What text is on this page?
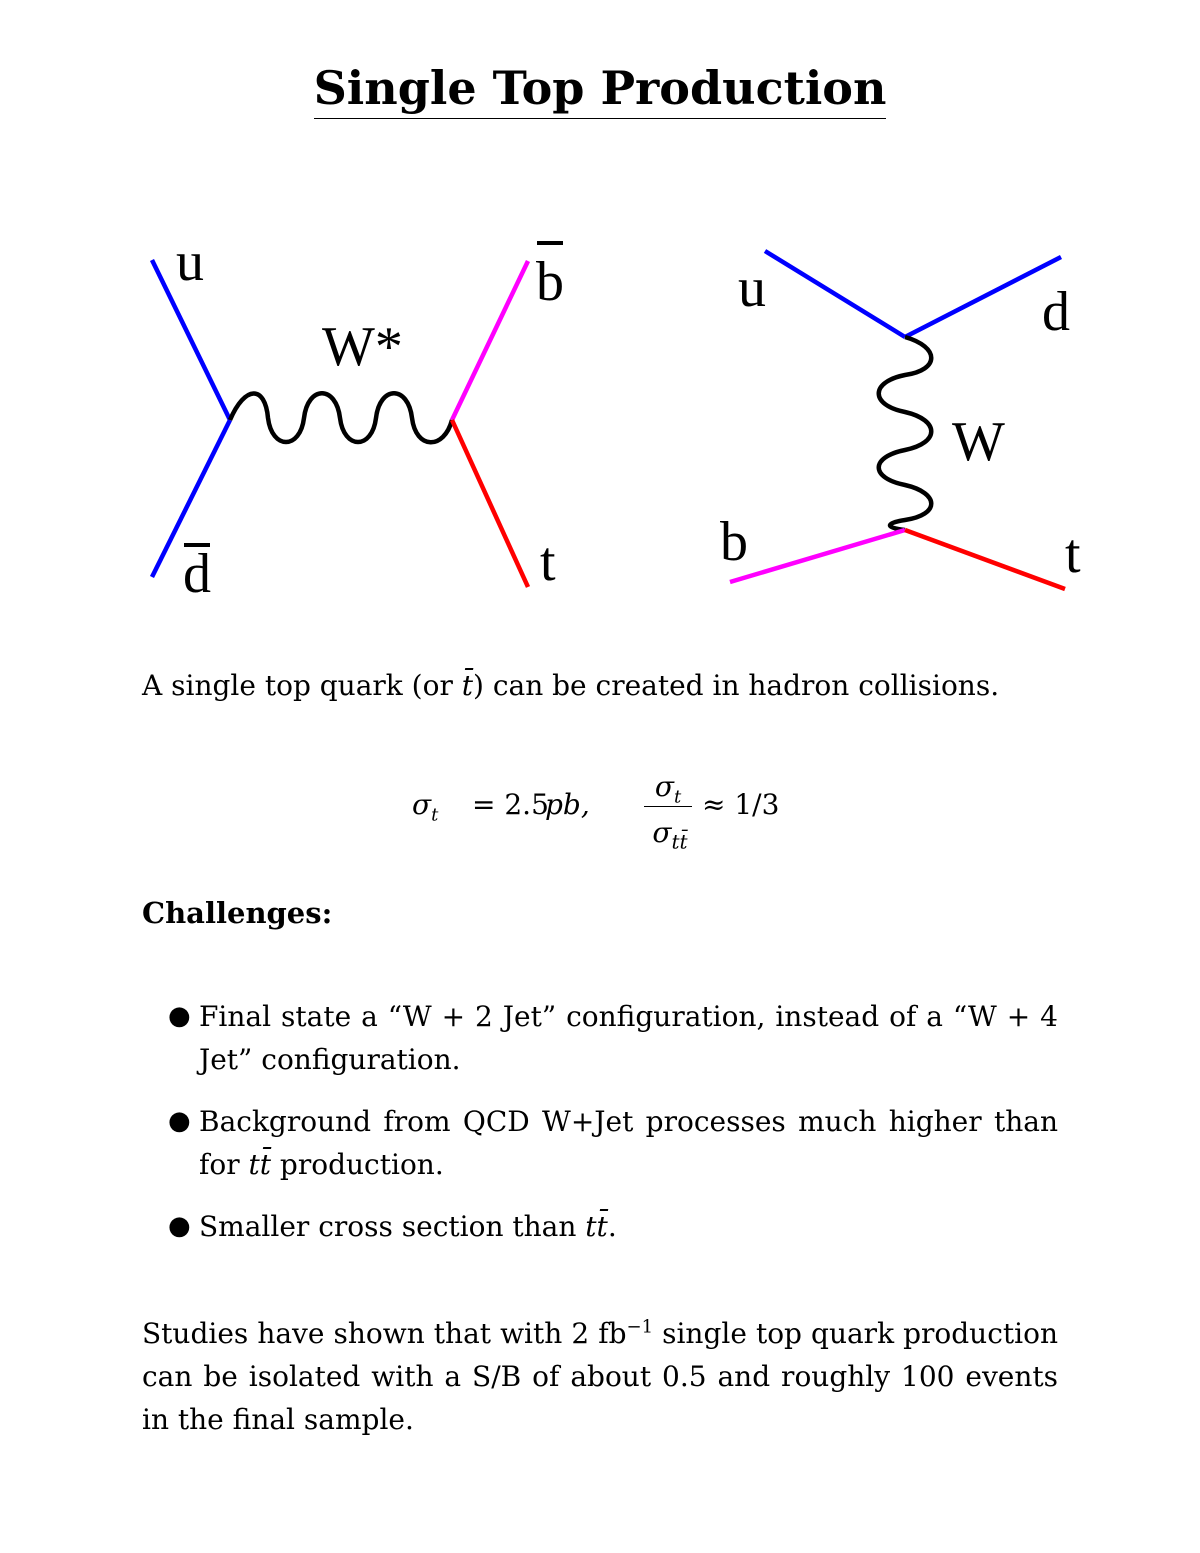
Single Top Production
u
d
W*
b
t
u	d
W
b	t
A single top quark (or t̄) can be created in hadron collisions.
$\sigma_t = 2.5$
pb,
$\sigma_t$
$\sigma_{tt̄}$
≈ 1/3
Challenges:
● Final state a “W + 2 Jet” configuration, instead of a “W + 4 Jet” configuration.
● Background from QCD W+Jet processes much higher than for tt̄ production.
● Smaller cross section than tt̄.
Studies have shown that with 2 $fb^{-1}$ single top quark production can be isolated with a S/B of about 0.5 and roughly 100 events in the final sample.
